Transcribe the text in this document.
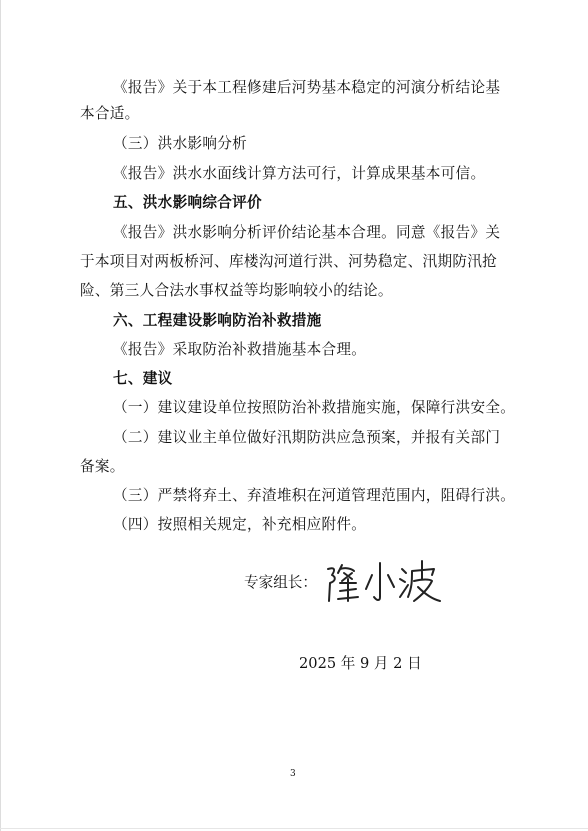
《报告》关于本工程修建后河势基本稳定的河演分析结论基
本合适。
（三）洪水影响分析
《报告》洪水水面线计算方法可行，计算成果基本可信。
五、洪水影响综合评价
《报告》洪水影响分析评价结论基本合理。同意《报告》关
于本项目对两板桥河、库楼沟河道行洪、河势稳定、汛期防汛抢
险、第三人合法水事权益等均影响较小的结论。
六、工程建设影响防治补救措施
《报告》采取防治补救措施基本合理。
七、建议
（一）建议建设单位按照防治补救措施实施，保障行洪安全。
（二）建议业主单位做好汛期防洪应急预案，并报有关部门
备案。
（三）严禁将弃土、弃渣堆积在河道管理范围内，阻碍行洪。
（四）按照相关规定，补充相应附件。
专家组长：
2025 年 9 月 2 日
3
